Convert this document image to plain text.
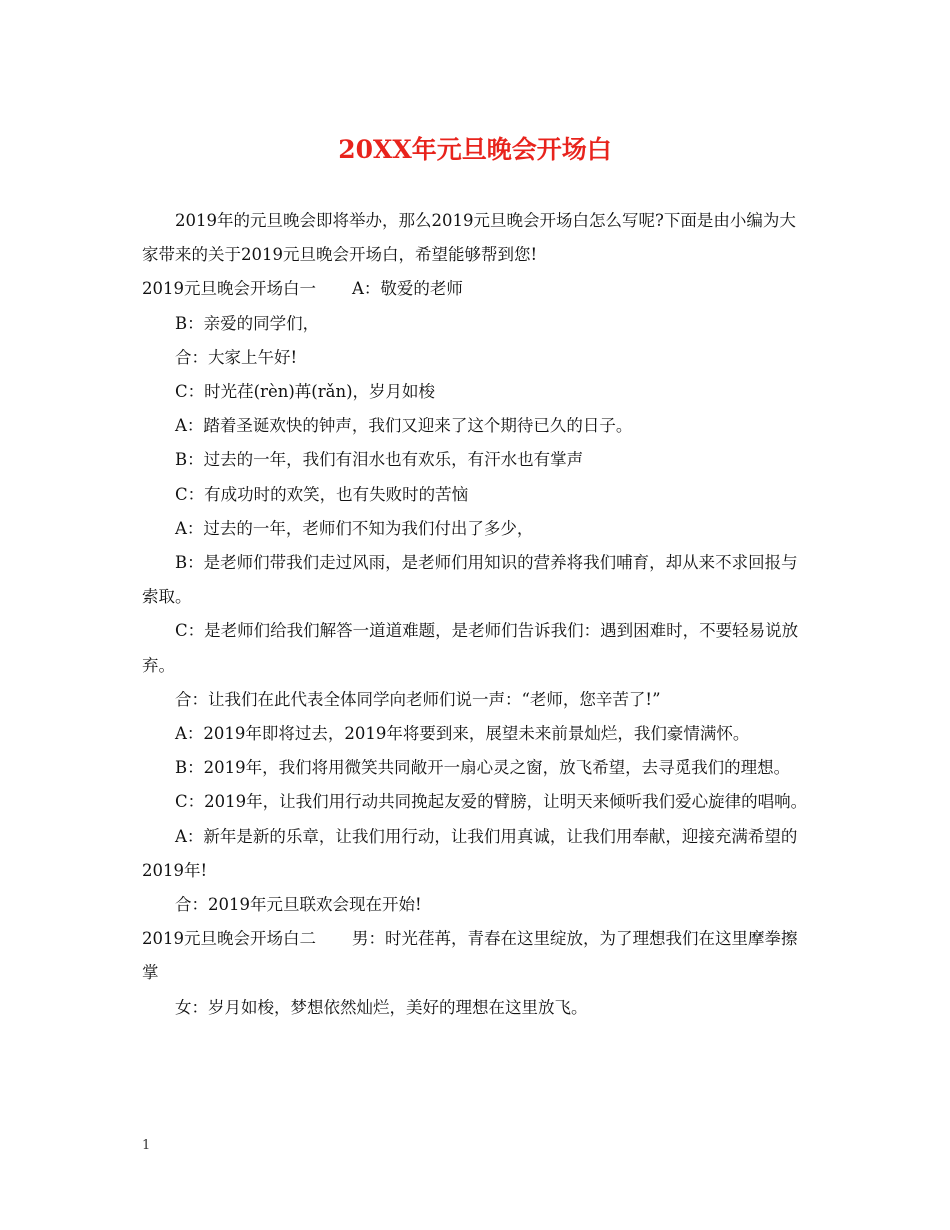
20XX年元旦晚会开场白

2019年的元旦晚会即将举办，那么2019元旦晚会开场白怎么写呢?下面是由小编为大家带来的关于2019元旦晚会开场白，希望能够帮到您!

2019元旦晚会开场白一 A：敬爱的老师

B：亲爱的同学们，

合：大家上午好!

C：时光荏(rèn)苒(rǎn)，岁月如梭

A：踏着圣诞欢快的钟声，我们又迎来了这个期待已久的日子。

B：过去的一年，我们有泪水也有欢乐，有汗水也有掌声

C：有成功时的欢笑，也有失败时的苦恼

A：过去的一年，老师们不知为我们付出了多少，

B：是老师们带我们走过风雨，是老师们用知识的营养将我们哺育，却从来不求回报与索取。

C：是老师们给我们解答一道道难题，是老师们告诉我们：遇到困难时，不要轻易说放弃。

合：让我们在此代表全体同学向老师们说一声：“老师，您辛苦了!”

A：2019年即将过去，2019年将要到来，展望未来前景灿烂，我们豪情满怀。

B：2019年，我们将用微笑共同敞开一扇心灵之窗，放飞希望，去寻觅我们的理想。

C：2019年，让我们用行动共同挽起友爱的臂膀，让明天来倾听我们爱心旋律的唱响。

A：新年是新的乐章，让我们用行动，让我们用真诚，让我们用奉献，迎接充满希望的2019年!

合：2019年元旦联欢会现在开始!

2019元旦晚会开场白二 男：时光荏苒，青春在这里绽放，为了理想我们在这里摩拳擦掌

女：岁月如梭，梦想依然灿烂，美好的理想在这里放飞。

1
